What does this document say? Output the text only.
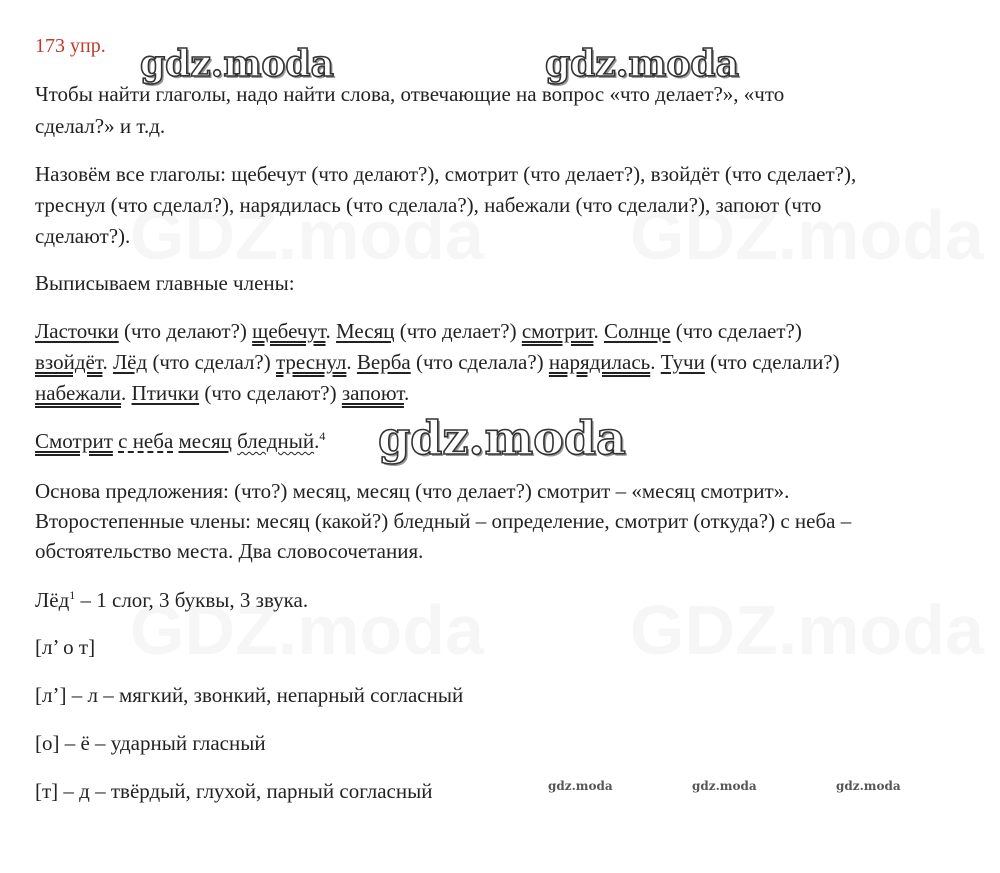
173 упр. gdz.moda	gdz.moda
Чтобы найти глаголы, надо найти слова, отвечающие на вопрос «что делает?», «что
сделал?» и т.д.
Назовём все глаголы: щебечут (что делают?), смотрит (что делает?), взойдёт (что сделает?),
треснул (что сделал?), нарядилась (что сделала?), набежали (что сделали?), запоют (что
сделают?).
Выписываем главные члены:
Ласточки (что делают?) щебечут. Месяц (что делает?) смотрит. Солнце (что сделает?)
взойдёт. Лёд (что сделал?) треснул. Верба (что сделала?) нарядилась. Тучи (что сделали?)
набежали. Птички (что сделают?) запоют.
Смотрит с неба месяц бледный.$^4$ gdz.moda
Основа предложения: (что?) месяц, месяц (что делает?) смотрит – «месяц смотрит».
Второстепенные члены: месяц (какой?) бледный – определение, смотрит (откуда?) с неба –
обстоятельство места. Два словосочетания.
Лёд$^1$ – 1 слог, 3 буквы, 3 звука.
[л’ о т]
[л’] – л – мягкий, звонкий, непарный согласный
[о] – ё – ударный гласный
[т] – д – твёрдый, глухой, парный согласный	gdz.moda	gdz.moda	gdz.moda
